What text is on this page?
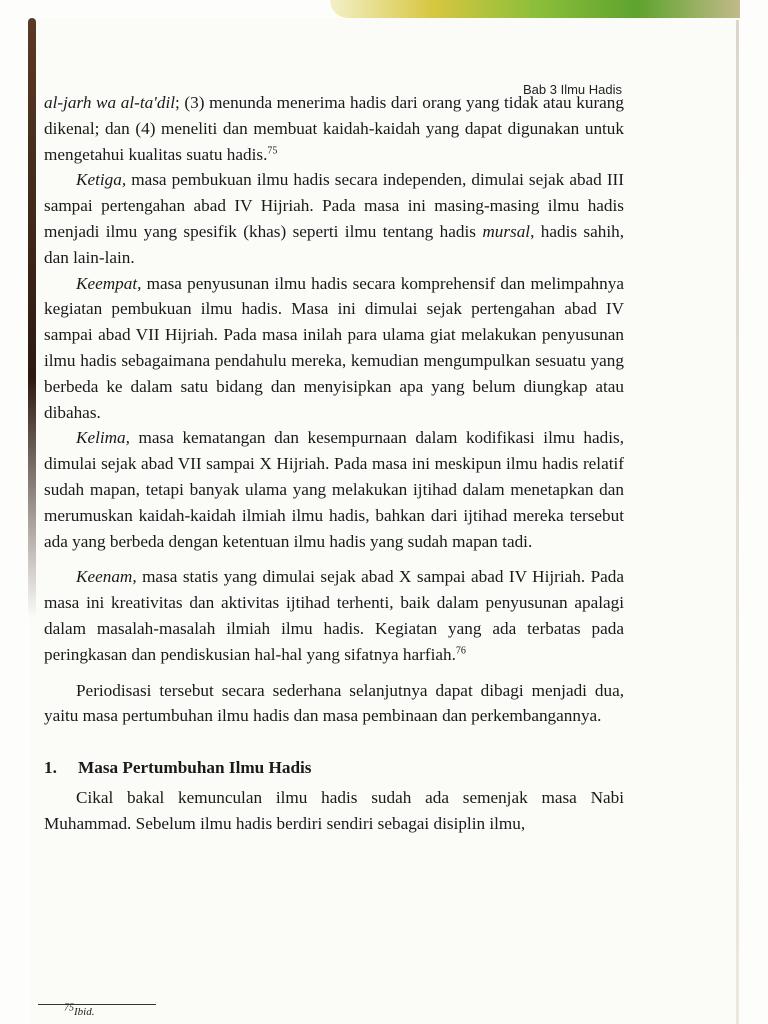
Bab 3 Ilmu Hadis

al-jarh wa al-ta'dil; (3) menunda menerima hadis dari orang yang tidak atau kurang dikenal; dan (4) meneliti dan membuat kaidah-kaidah yang dapat digunakan untuk mengetahui kualitas suatu hadis.$^{75}$

Ketiga, masa pembukuan ilmu hadis secara independen, dimulai sejak abad III sampai pertengahan abad IV Hijriah. Pada masa ini masing-masing ilmu hadis menjadi ilmu yang spesifik (khas) seperti ilmu tentang hadis mursal, hadis sahih, dan lain-lain.

Keempat, masa penyusunan ilmu hadis secara komprehensif dan melimpahnya kegiatan pembukuan ilmu hadis. Masa ini dimulai sejak pertengahan abad IV sampai abad VII Hijriah. Pada masa inilah para ulama giat melakukan penyusunan ilmu hadis sebagaimana pendahulu mereka, kemudian mengumpulkan sesuatu yang berbeda ke dalam satu bidang dan menyisipkan apa yang belum diungkap atau dibahas.

Kelima, masa kematangan dan kesempurnaan dalam kodifikasi ilmu hadis, dimulai sejak abad VII sampai X Hijriah. Pada masa ini meskipun ilmu hadis relatif sudah mapan, tetapi banyak ulama yang melakukan ijtihad dalam menetapkan dan merumuskan kaidah-kaidah ilmiah ilmu hadis, bahkan dari ijtihad mereka tersebut ada yang berbeda dengan ketentuan ilmu hadis yang sudah mapan tadi.

Keenam, masa statis yang dimulai sejak abad X sampai abad IV Hijriah. Pada masa ini kreativitas dan aktivitas ijtihad terhenti, baik dalam penyusunan apalagi dalam masalah-masalah ilmiah ilmu hadis. Kegiatan yang ada terbatas pada peringkasan dan pendiskusian hal-hal yang sifatnya harfiah.$^{76}$

Periodisasi tersebut secara sederhana selanjutnya dapat dibagi menjadi dua, yaitu masa pertumbuhan ilmu hadis dan masa pembinaan dan perkembangannya.

1. Masa Pertumbuhan Ilmu Hadis

Cikal bakal kemunculan ilmu hadis sudah ada semenjak masa Nabi Muhammad. Sebelum ilmu hadis berdiri sendiri sebagai disiplin ilmu,

$^{75}$Ibid.
